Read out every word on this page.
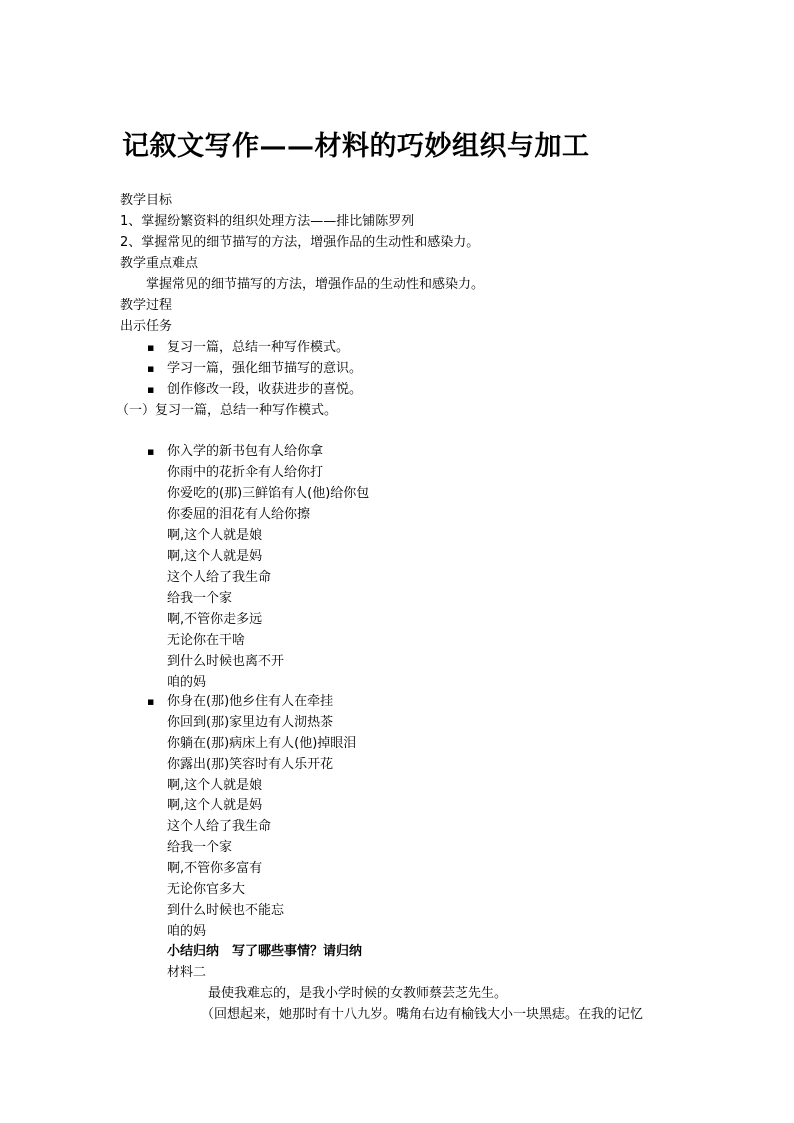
记叙文写作——材料的巧妙组织与加工
教学目标
1、掌握纷繁资料的组织处理方法——排比铺陈罗列
2、掌握常见的细节描写的方法，增强作品的生动性和感染力。
教学重点难点
掌握常见的细节描写的方法，增强作品的生动性和感染力。
教学过程
出示任务
▪ 复习一篇，总结一种写作模式。
▪ 学习一篇，强化细节描写的意识。
▪ 创作修改一段，收获进步的喜悦。
（一）复习一篇，总结一种写作模式。
▪ 你入学的新书包有人给你拿
你雨中的花折伞有人给你打
你爱吃的(那)三鲜馅有人(他)给你包
你委屈的泪花有人给你擦
啊,这个人就是娘
啊,这个人就是妈
这个人给了我生命
给我一个家
啊,不管你走多远
无论你在干啥
到什么时候也离不开
咱的妈
▪ 你身在(那)他乡住有人在牵挂
你回到(那)家里边有人沏热茶
你躺在(那)病床上有人(他)掉眼泪
你露出(那)笑容时有人乐开花
啊,这个人就是娘
啊,这个人就是妈
这个人给了我生命
给我一个家
啊,不管你多富有
无论你官多大
到什么时候也不能忘
咱的妈
小结归纳　写了哪些事情？请归纳
材料二
最使我难忘的，是我小学时候的女教师蔡芸芝先生。
（回想起来，她那时有十八九岁。嘴角右边有榆钱大小一块黑痣。在我的记忆
